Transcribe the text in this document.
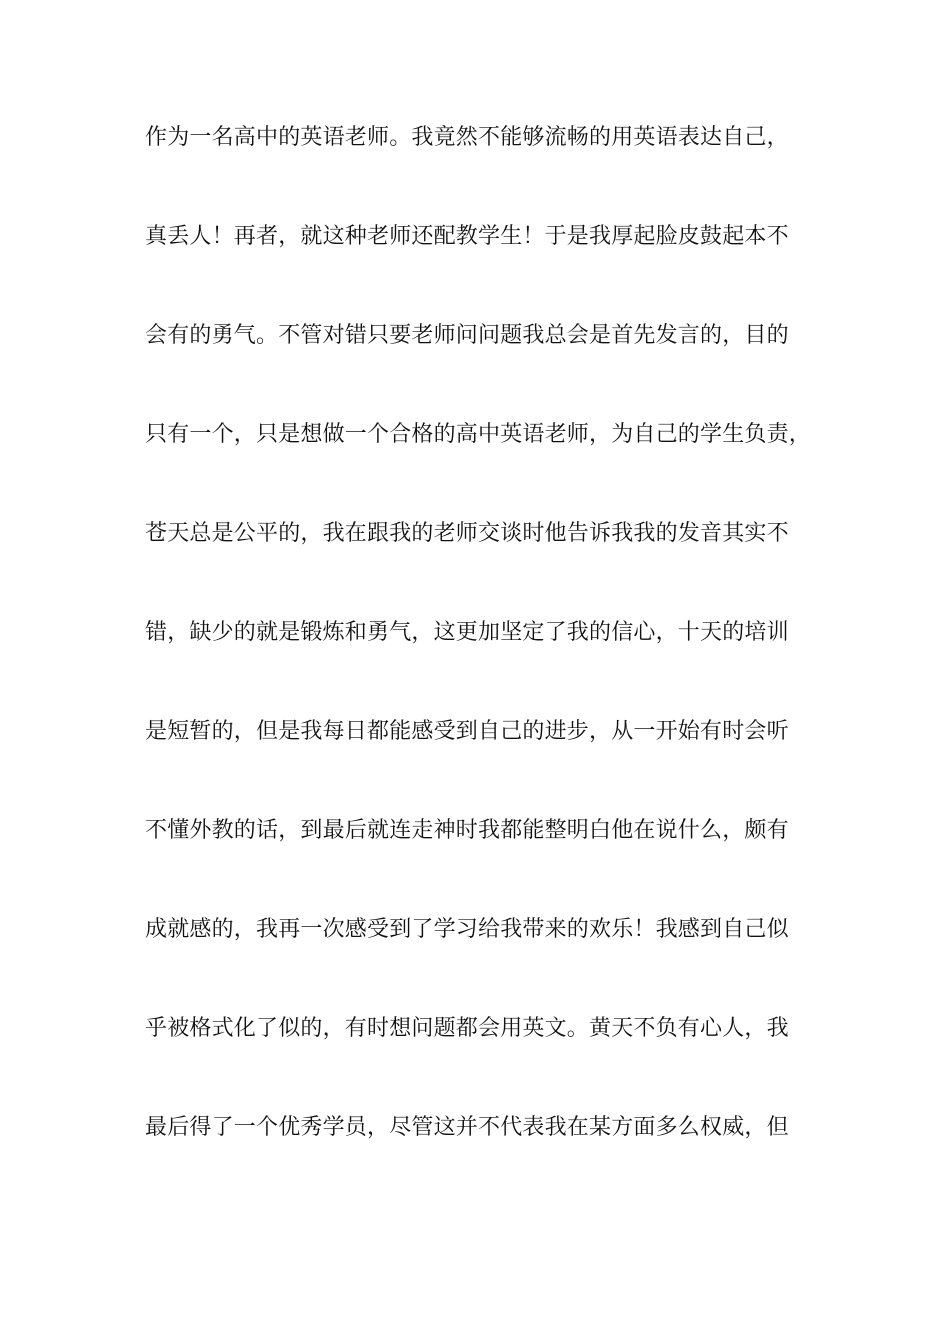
作为一名高中的英语老师。我竟然不能够流畅的用英语表达自己，
真丢人！再者，就这种老师还配教学生！于是我厚起脸皮鼓起本不
会有的勇气。不管对错只要老师问问题我总会是首先发言的，目的
只有一个，只是想做一个合格的高中英语老师，为自己的学生负责，
苍天总是公平的，我在跟我的老师交谈时他告诉我我的发音其实不
错，缺少的就是锻炼和勇气，这更加坚定了我的信心，十天的培训
是短暂的，但是我每日都能感受到自己的进步，从一开始有时会听
不懂外教的话，到最后就连走神时我都能整明白他在说什么，颇有
成就感的，我再一次感受到了学习给我带来的欢乐！我感到自己似
乎被格式化了似的，有时想问题都会用英文。黄天不负有心人，我
最后得了一个优秀学员，尽管这并不代表我在某方面多么权威，但
